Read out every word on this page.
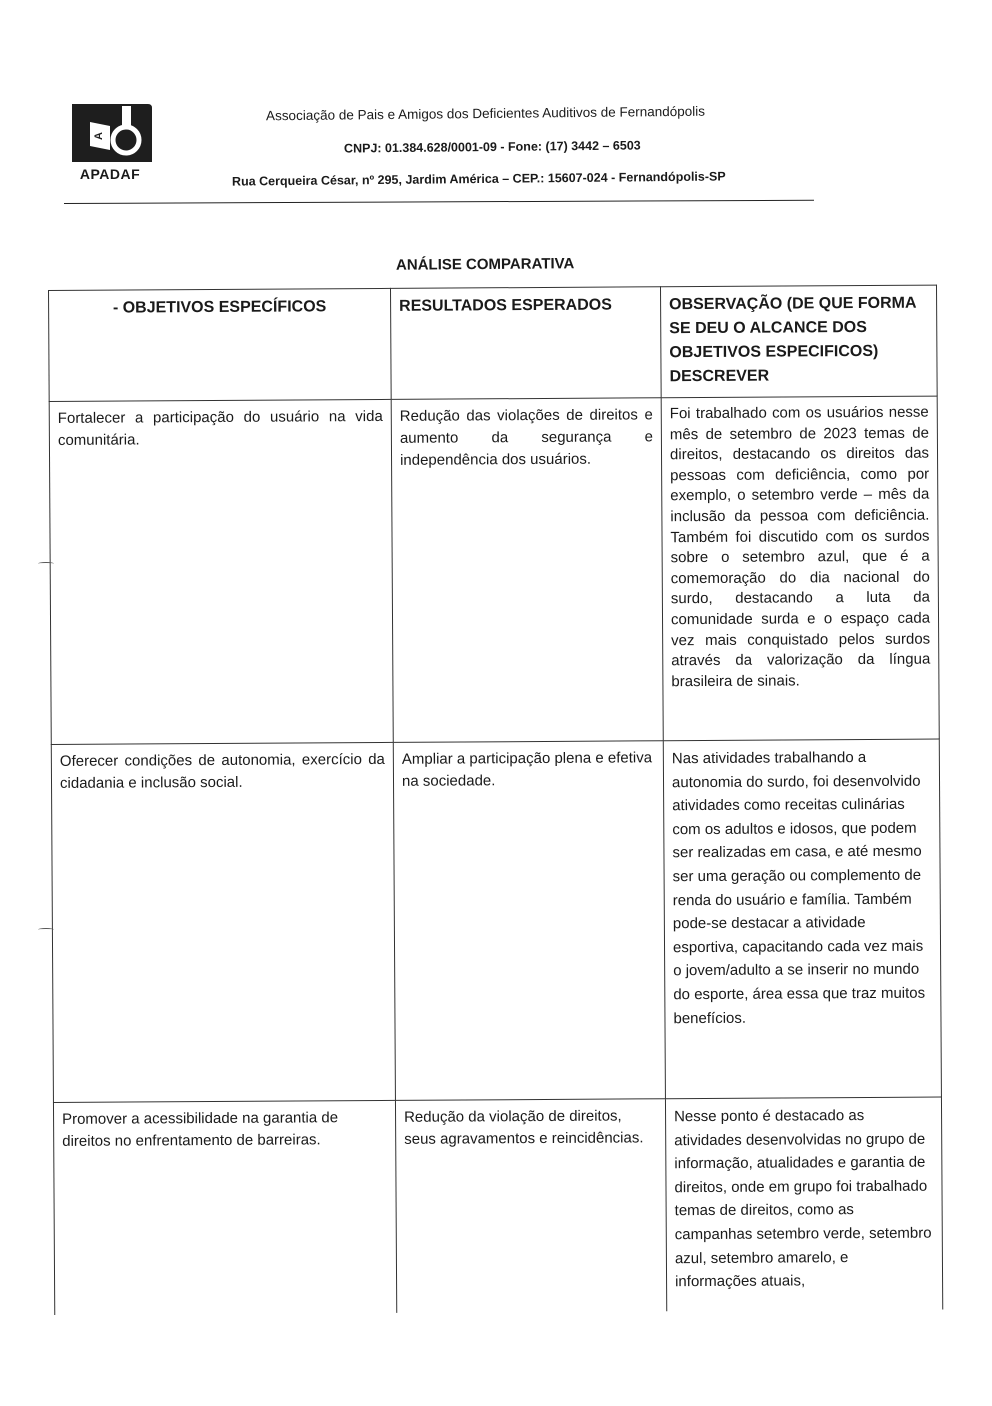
A
APADAF
Associação de Pais e Amigos dos Deficientes Auditivos de Fernandópolis
CNPJ: 01.384.628/0001-09 - Fone: (17) 3442 – 6503
Rua Cerqueira César, nº 295, Jardim América – CEP.: 15607-024 - Fernandópolis-SP
ANÁLISE COMPARATIVA
- OBJETIVOS ESPECÍFICOS	RESULTADOS ESPERADOS	OBSERVAÇÃO (DE QUE FORMA SE DEU O ALCANCE DOS OBJETIVOS ESPECIFICOS) DESCREVER
Fortalecer a participação do usuário na vida comunitária.	Redução das violações de direitos e aumento da segurança e independência dos usuários.	Foi trabalhado com os usuários nesse mês de setembro de 2023 temas de direitos, destacando os direitos das pessoas com deficiência, como por exemplo, o setembro verde – mês da inclusão da pessoa com deficiência. Também foi discutido com os surdos sobre o setembro azul, que é a comemoração do dia nacional do surdo, destacando a luta da comunidade surda e o espaço cada vez mais conquistado pelos surdos através da valorização da língua brasileira de sinais.
Oferecer condições de autonomia, exercício da cidadania e inclusão social.	Ampliar a participação plena e efetiva na sociedade.	Nas atividades trabalhando a autonomia do surdo, foi desenvolvido atividades como receitas culinárias com os adultos e idosos, que podem ser realizadas em casa, e até mesmo ser uma geração ou complemento de renda do usuário e família. Também pode-se destacar a atividade esportiva, capacitando cada vez mais o jovem/adulto a se inserir no mundo do esporte, área essa que traz muitos benefícios.
Promover a acessibilidade na garantia de direitos no enfrentamento de barreiras.	Redução da violação de direitos, seus agravamentos e reincidências.	Nesse ponto é destacado as atividades desenvolvidas no grupo de informação, atualidades e garantia de direitos, onde em grupo foi trabalhado temas de direitos, como as campanhas setembro verde, setembro azul, setembro amarelo, e informações atuais,
